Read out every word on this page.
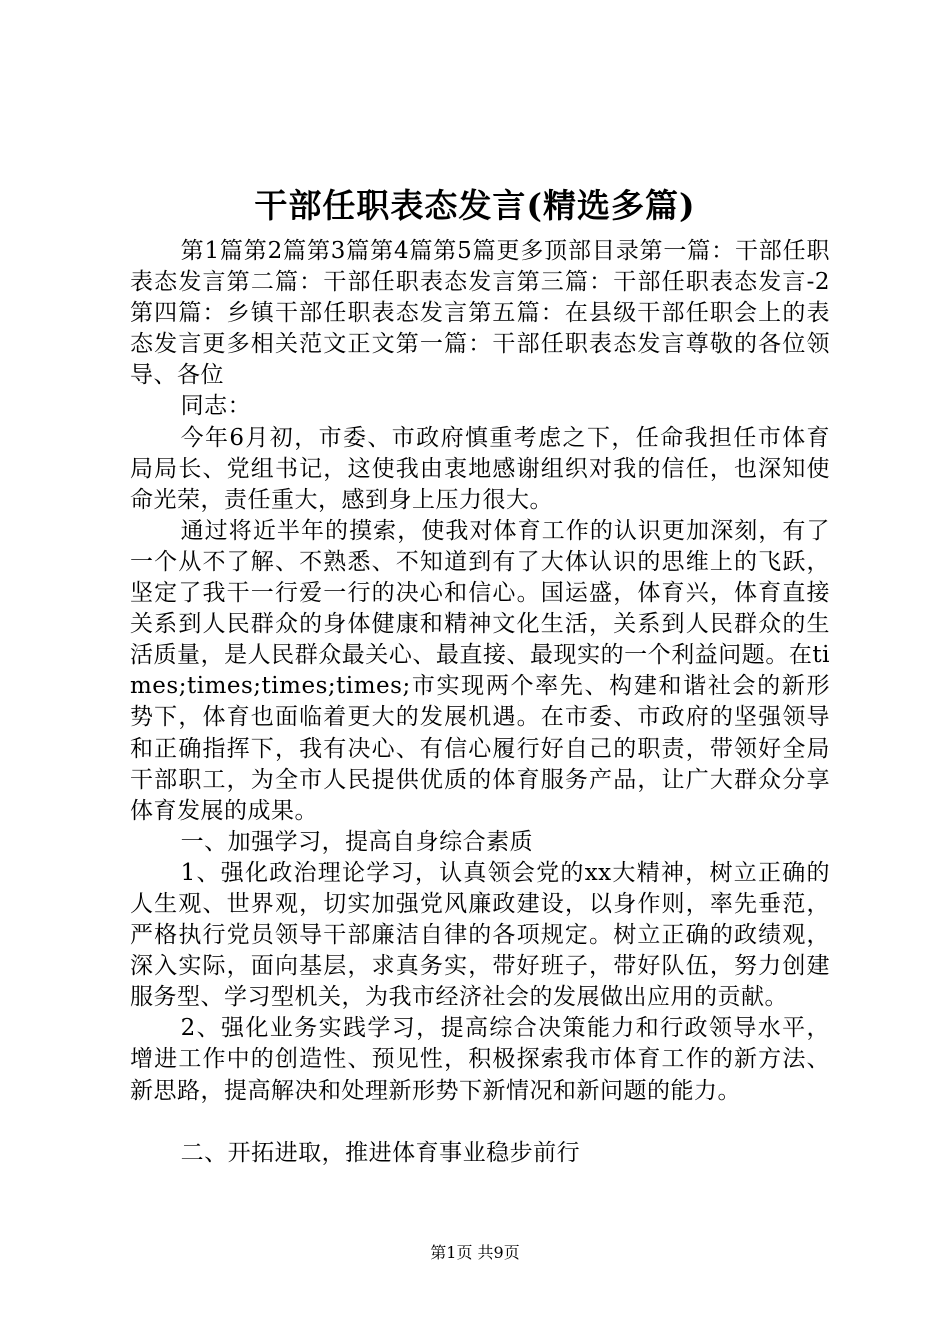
干部任职表态发言(精选多篇)

第1篇第2篇第3篇第4篇第5篇更多顶部目录第一篇：干部任职表态发言第二篇：干部任职表态发言第三篇：干部任职表态发言-2第四篇：乡镇干部任职表态发言第五篇：在县级干部任职会上的表态发言更多相关范文正文第一篇：干部任职表态发言尊敬的各位领导、各位

同志：

今年6月初，市委、市政府慎重考虑之下，任命我担任市体育局局长、党组书记，这使我由衷地感谢组织对我的信任，也深知使命光荣，责任重大，感到身上压力很大。

通过将近半年的摸索，使我对体育工作的认识更加深刻，有了一个从不了解、不熟悉、不知道到有了大体认识的思维上的飞跃，坚定了我干一行爱一行的决心和信心。国运盛，体育兴，体育直接关系到人民群众的身体健康和精神文化生活，关系到人民群众的生活质量，是人民群众最关心、最直接、最现实的一个利益问题。在times;times;times;times;市实现两个率先、构建和谐社会的新形势下，体育也面临着更大的发展机遇。在市委、市政府的坚强领导和正确指挥下，我有决心、有信心履行好自己的职责，带领好全局干部职工，为全市人民提供优质的体育服务产品，让广大群众分享体育发展的成果。

一、加强学习，提高自身综合素质

1、强化政治理论学习，认真领会党的xx大精神，树立正确的人生观、世界观，切实加强党风廉政建设，以身作则，率先垂范，严格执行党员领导干部廉洁自律的各项规定。树立正确的政绩观，深入实际，面向基层，求真务实，带好班子，带好队伍，努力创建服务型、学习型机关，为我市经济社会的发展做出应用的贡献。

2、强化业务实践学习，提高综合决策能力和行政领导水平，增进工作中的创造性、预见性，积极探索我市体育工作的新方法、新思路，提高解决和处理新形势下新情况和新问题的能力。

二、开拓进取，推进体育事业稳步前行

第1页 共9页
